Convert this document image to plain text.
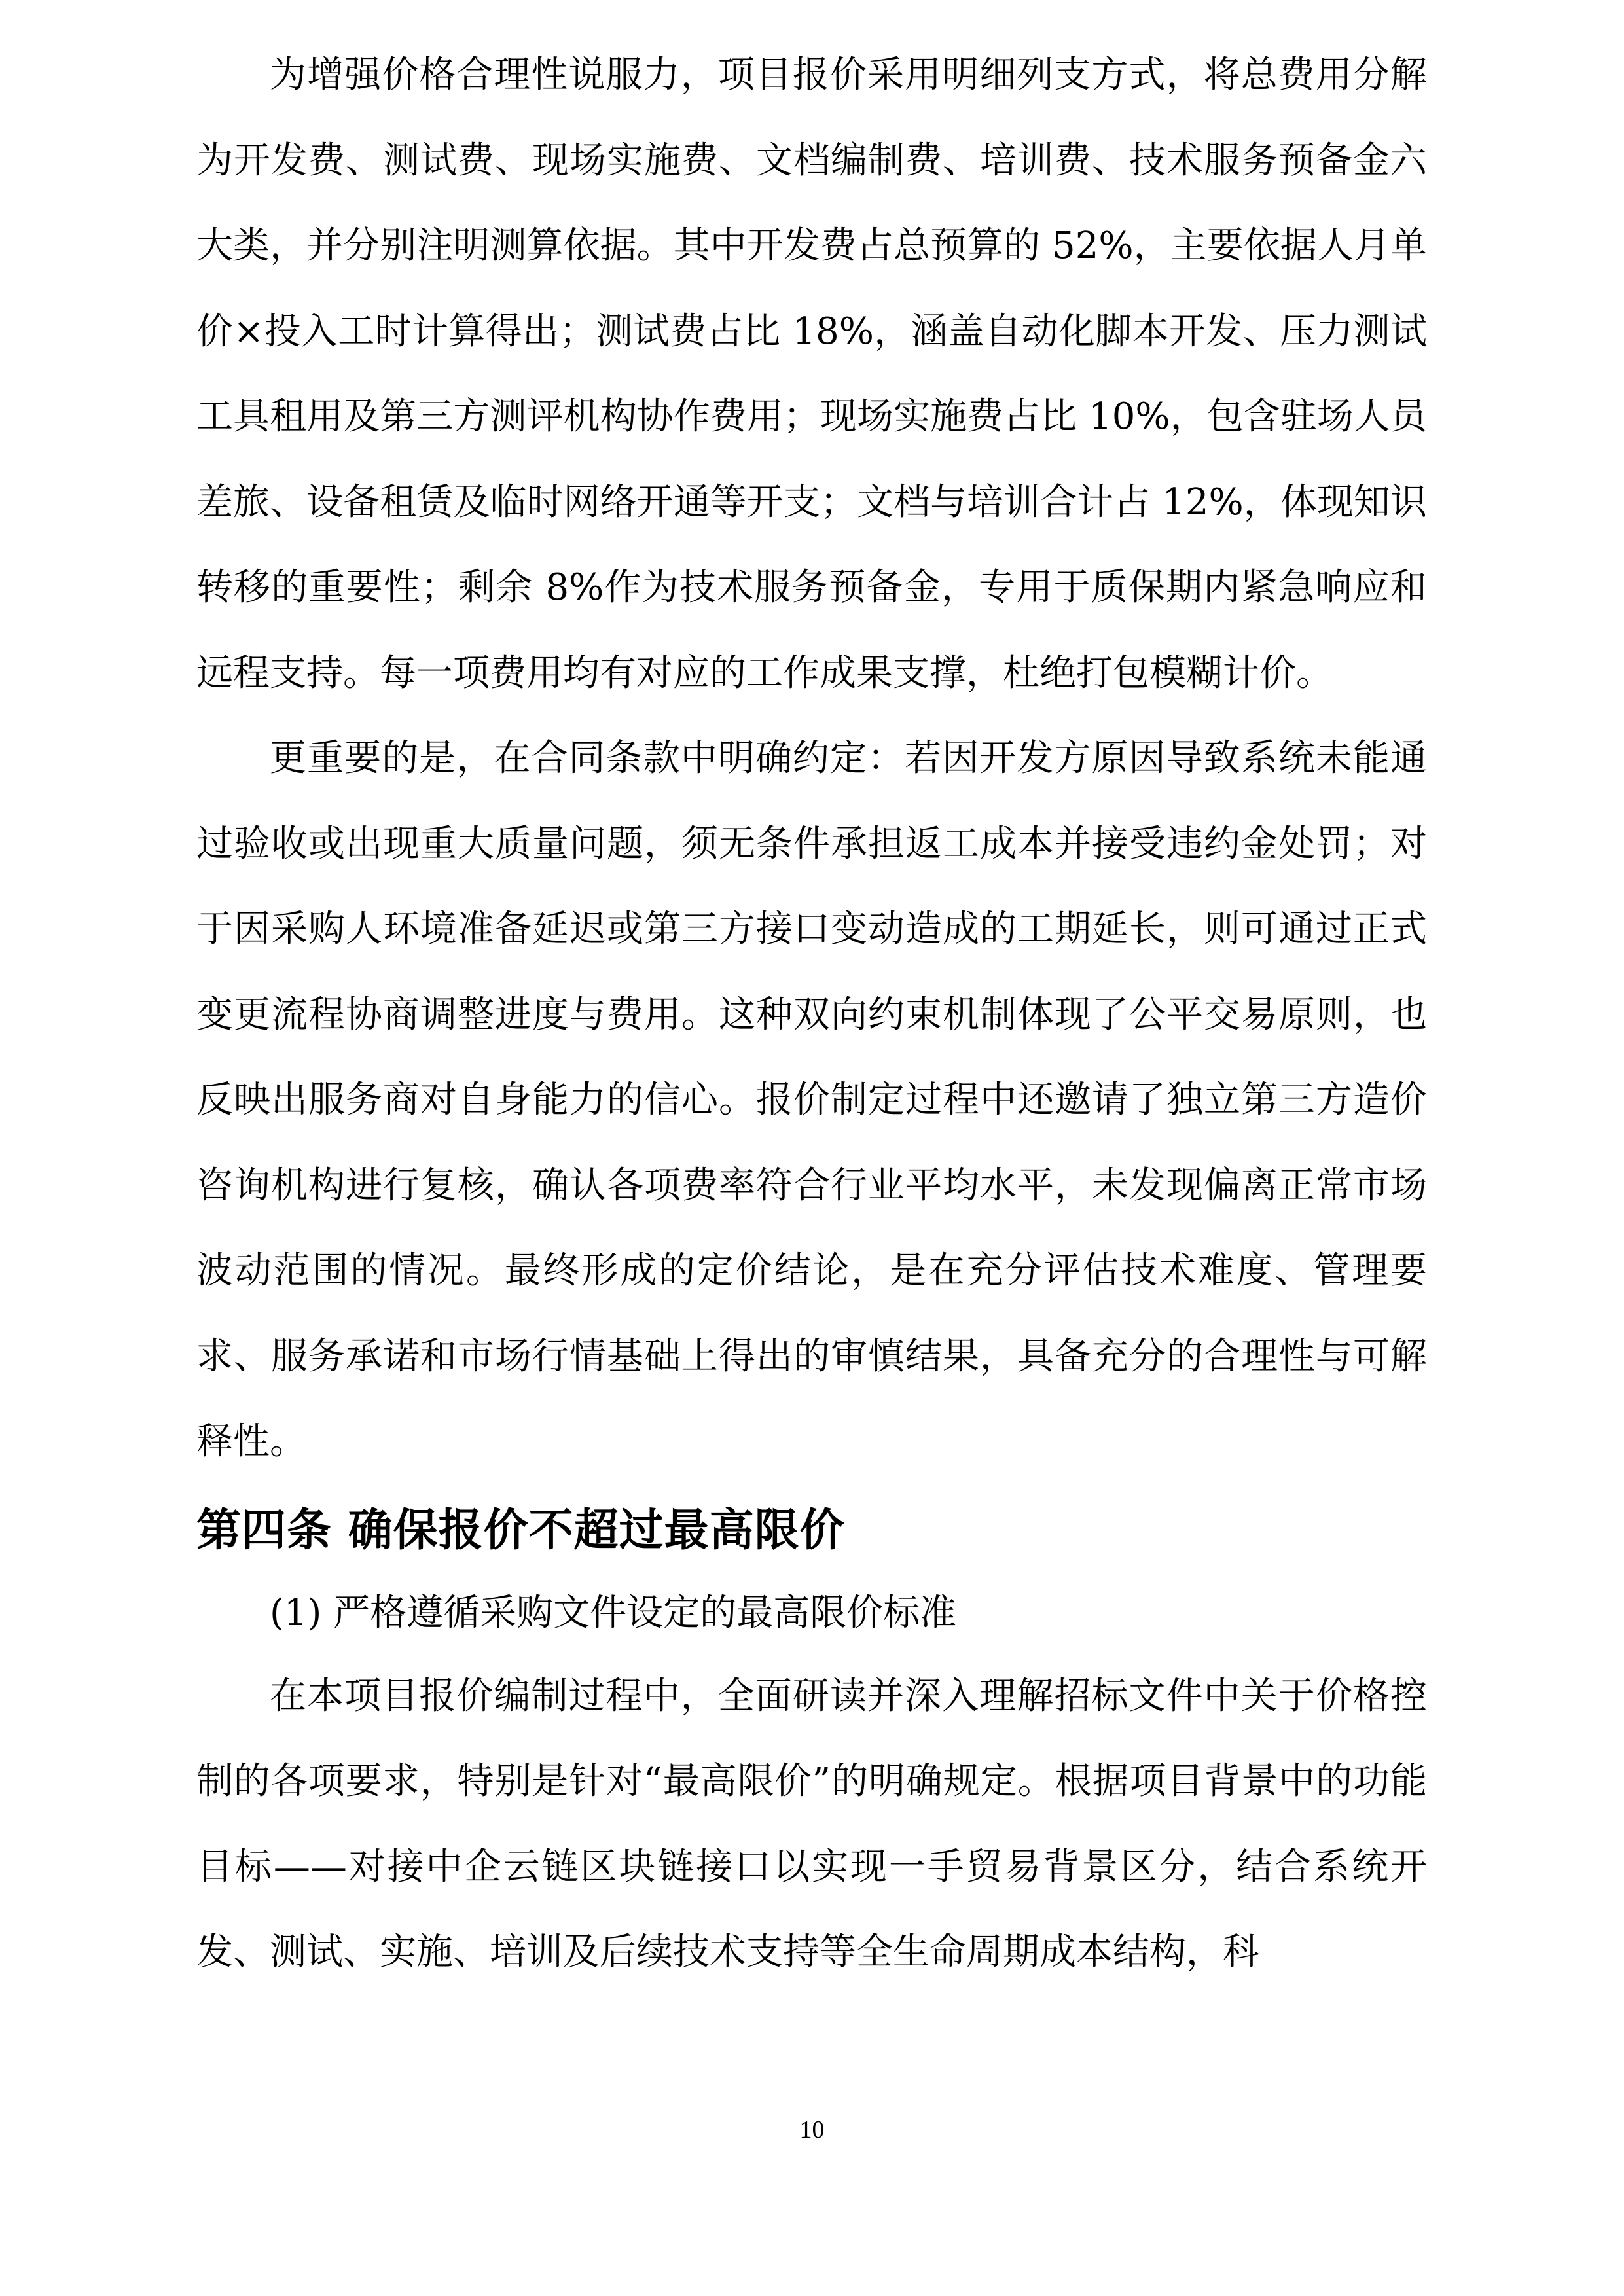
为增强价格合理性说服力，项目报价采用明细列支方式，将总费用分解为开发费、测试费、现场实施费、文档编制费、培训费、技术服务预备金六大类，并分别注明测算依据。其中开发费占总预算的 52%，主要依据人月单价×投入工时计算得出；测试费占比 18%，涵盖自动化脚本开发、压力测试工具租用及第三方测评机构协作费用；现场实施费占比 10%，包含驻场人员差旅、设备租赁及临时网络开通等开支；文档与培训合计占 12%，体现知识转移的重要性；剩余 8%作为技术服务预备金，专用于质保期内紧急响应和远程支持。每一项费用均有对应的工作成果支撑，杜绝打包模糊计价。

更重要的是，在合同条款中明确约定：若因开发方原因导致系统未能通过验收或出现重大质量问题，须无条件承担返工成本并接受违约金处罚；对于因采购人环境准备延迟或第三方接口变动造成的工期延长，则可通过正式变更流程协商调整进度与费用。这种双向约束机制体现了公平交易原则，也反映出服务商对自身能力的信心。报价制定过程中还邀请了独立第三方造价咨询机构进行复核，确认各项费率符合行业平均水平，未发现偏离正常市场波动范围的情况。最终形成的定价结论，是在充分评估技术难度、管理要求、服务承诺和市场行情基础上得出的审慎结果，具备充分的合理性与可解释性。

第四条 确保报价不超过最高限价

(1) 严格遵循采购文件设定的最高限价标准

在本项目报价编制过程中，全面研读并深入理解招标文件中关于价格控制的各项要求，特别是针对“最高限价”的明确规定。根据项目背景中的功能目标——对接中企云链区块链接口以实现一手贸易背景区分，结合系统开发、测试、实施、培训及后续技术支持等全生命周期成本结构，科

10
